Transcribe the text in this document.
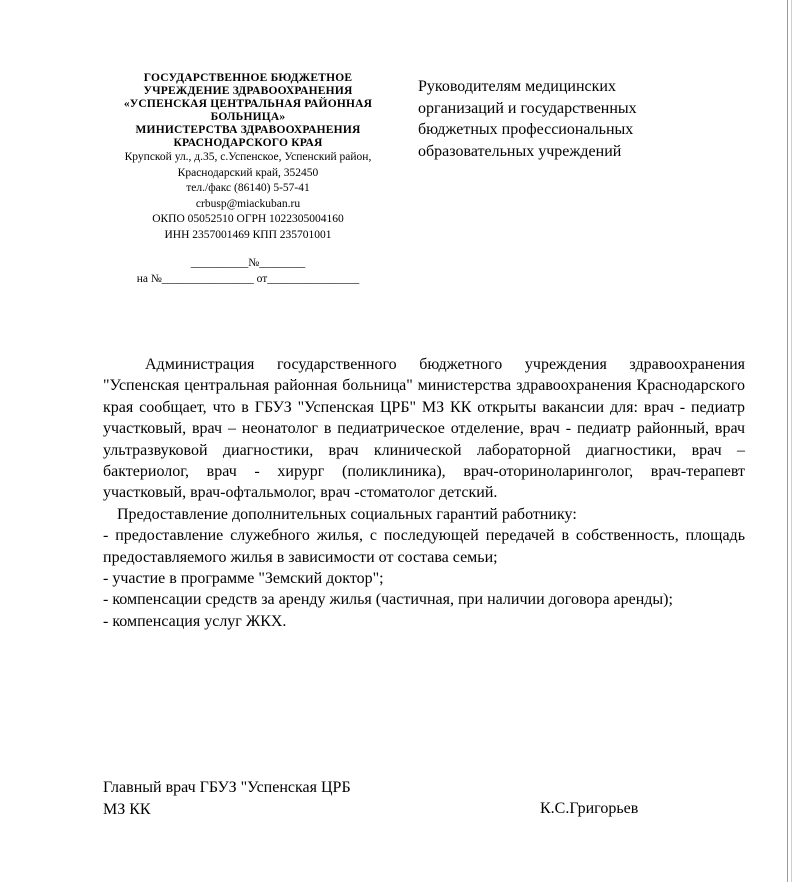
ГОСУДАРСТВЕННОЕ БЮДЖЕТНОЕ
УЧРЕЖДЕНИЕ ЗДРАВООХРАНЕНИЯ
«УСПЕНСКАЯ ЦЕНТРАЛЬНАЯ РАЙОННАЯ
БОЛЬНИЦА»
МИНИСТЕРСТВА ЗДРАВООХРАНЕНИЯ
КРАСНОДАРСКОГО КРАЯ
Крупской ул., д.35, с.Успенское, Успенский район,
Краснодарский край, 352450
тел./факс (86140) 5-57-41
crbusp@miackuban.ru
ОКПО 05052510 ОГРН 1022305004160
ИНН 2357001469 КПП 235701001
__________№________
на №________________ от________________
Руководителям медицинских
организаций и государственных
бюджетных профессиональных
образовательных учреждений

Администрация государственного бюджетного учреждения здравоохранения "Успенская центральная районная больница" министерства здравоохранения Краснодарского края сообщает, что в ГБУЗ "Успенская ЦРБ" МЗ КК открыты вакансии для: врач - педиатр участковый, врач – неонатолог в педиатрическое отделение, врач - педиатр районный, врач ультразвуковой диагностики, врач клинической лабораторной диагностики, врач – бактериолог, врач - хирург (поликлиника), врач-оториноларинголог, врач-терапевт участковый, врач-офтальмолог, врач -стоматолог детский.

Предоставление дополнительных социальных гарантий работнику:

- предоставление служебного жилья, с последующей передачей в собственность, площадь предоставляемого жилья в зависимости от состава семьи;

- участие в программе "Земский доктор";

- компенсации средств за аренду жилья (частичная, при наличии договора аренды);

- компенсация услуг ЖКХ.

Главный врач ГБУЗ "Успенская ЦРБ
МЗ КК	К.С.Григорьев
